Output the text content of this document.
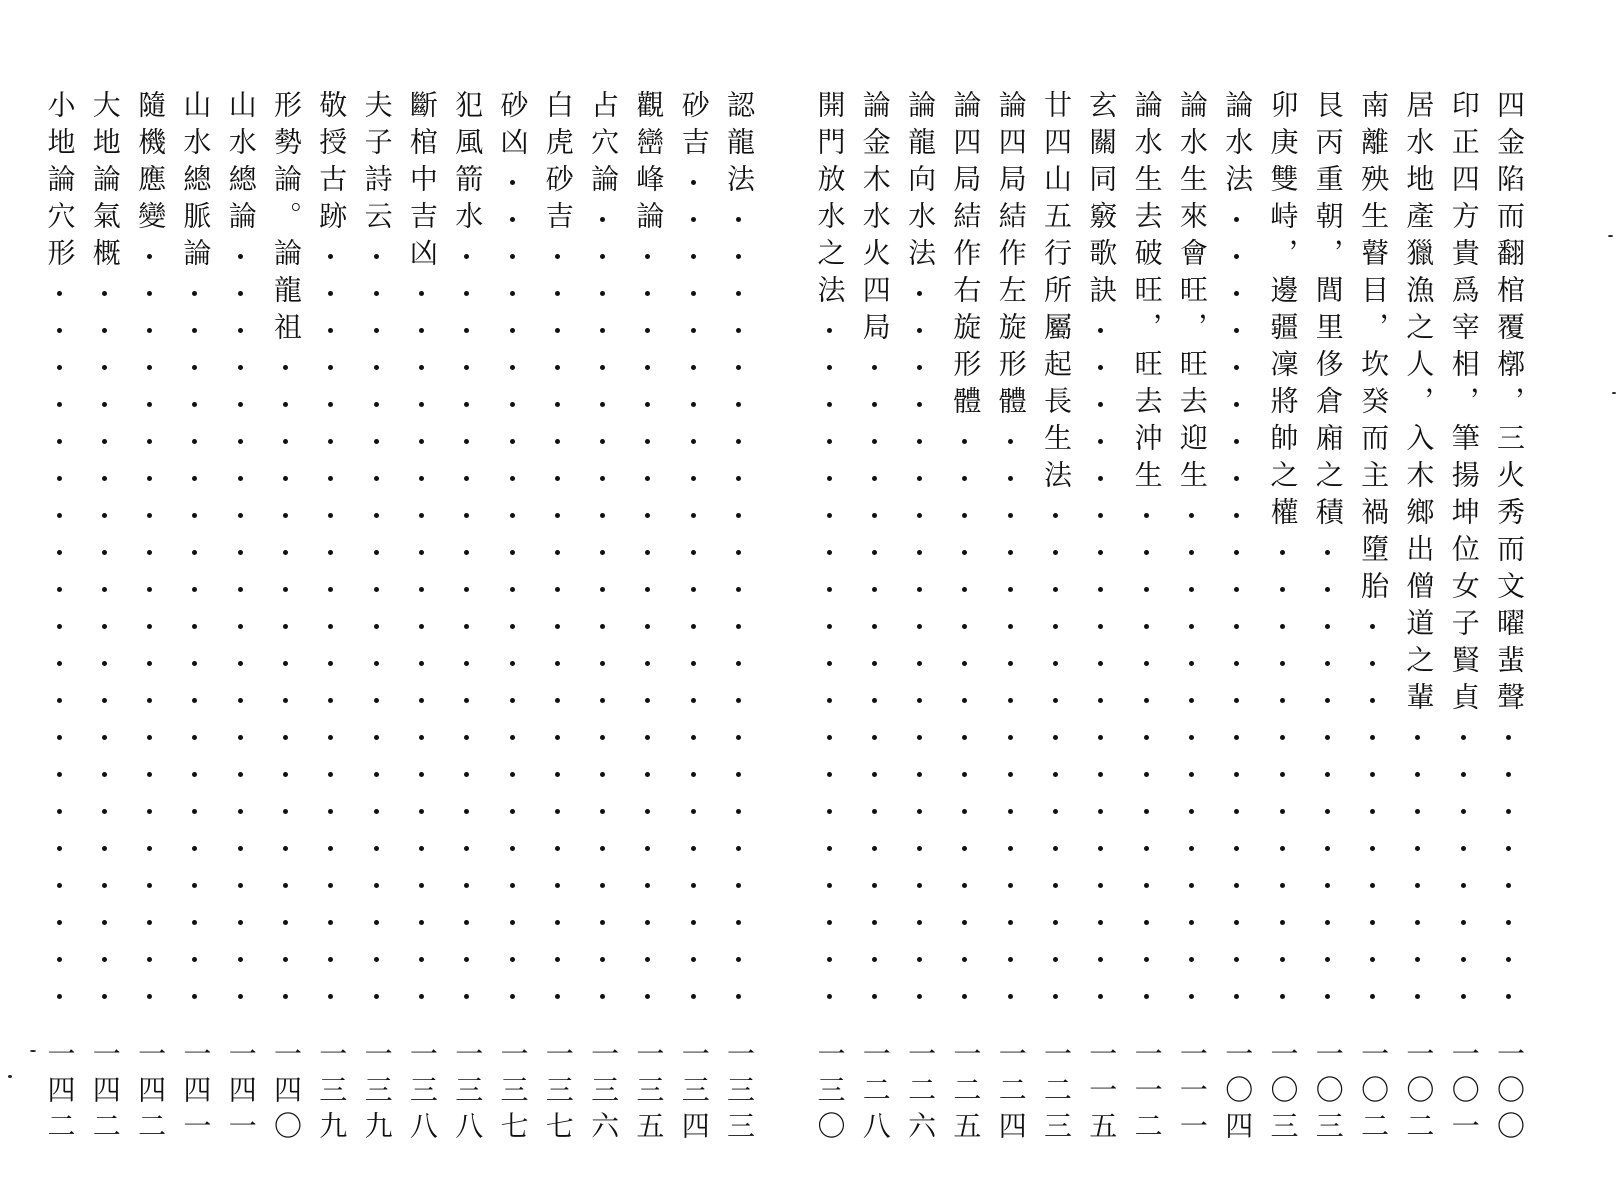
認龍法
一三三
砂吉
一三四
觀巒峰論
一三五
占穴論
一三六
白虎砂吉
一三七
砂凶
一三七
犯風箭水
一三八
斷棺中吉凶
一三八
夫子詩云
一三九
敬授古跡
一三九
形勢論。論龍祖
一四〇
山水總論
一四一
山水總脈論
一四一
隨機應變
一四二
大地論氣概
一四二
小地論穴形
一四二
四金陷而翻棺覆槨，三火秀而文曜蜚聲
一〇〇
印正四方貴爲宰相，筆揚坤位女子賢貞
一〇一
居水地產獵漁之人，入木鄉出僧道之輩
一〇二
南離殃生瞽目，坎癸而主禍墮胎
一〇二
艮丙重朝，閭里侈倉廂之積
一〇三
卯庚雙峙，邊疆凜將帥之權
一〇三
論水法
一〇四
論水生來會旺，旺去迎生
一一一
論水生去破旺，旺去沖生
一一二
玄關同竅歌訣
一一五
廿四山五行所屬起長生法
一二三
論四局結作左旋形體
一二四
論四局結作右旋形體
一二五
論龍向水法
一二六
論金木水火四局
一二八
開門放水之法
一三〇
